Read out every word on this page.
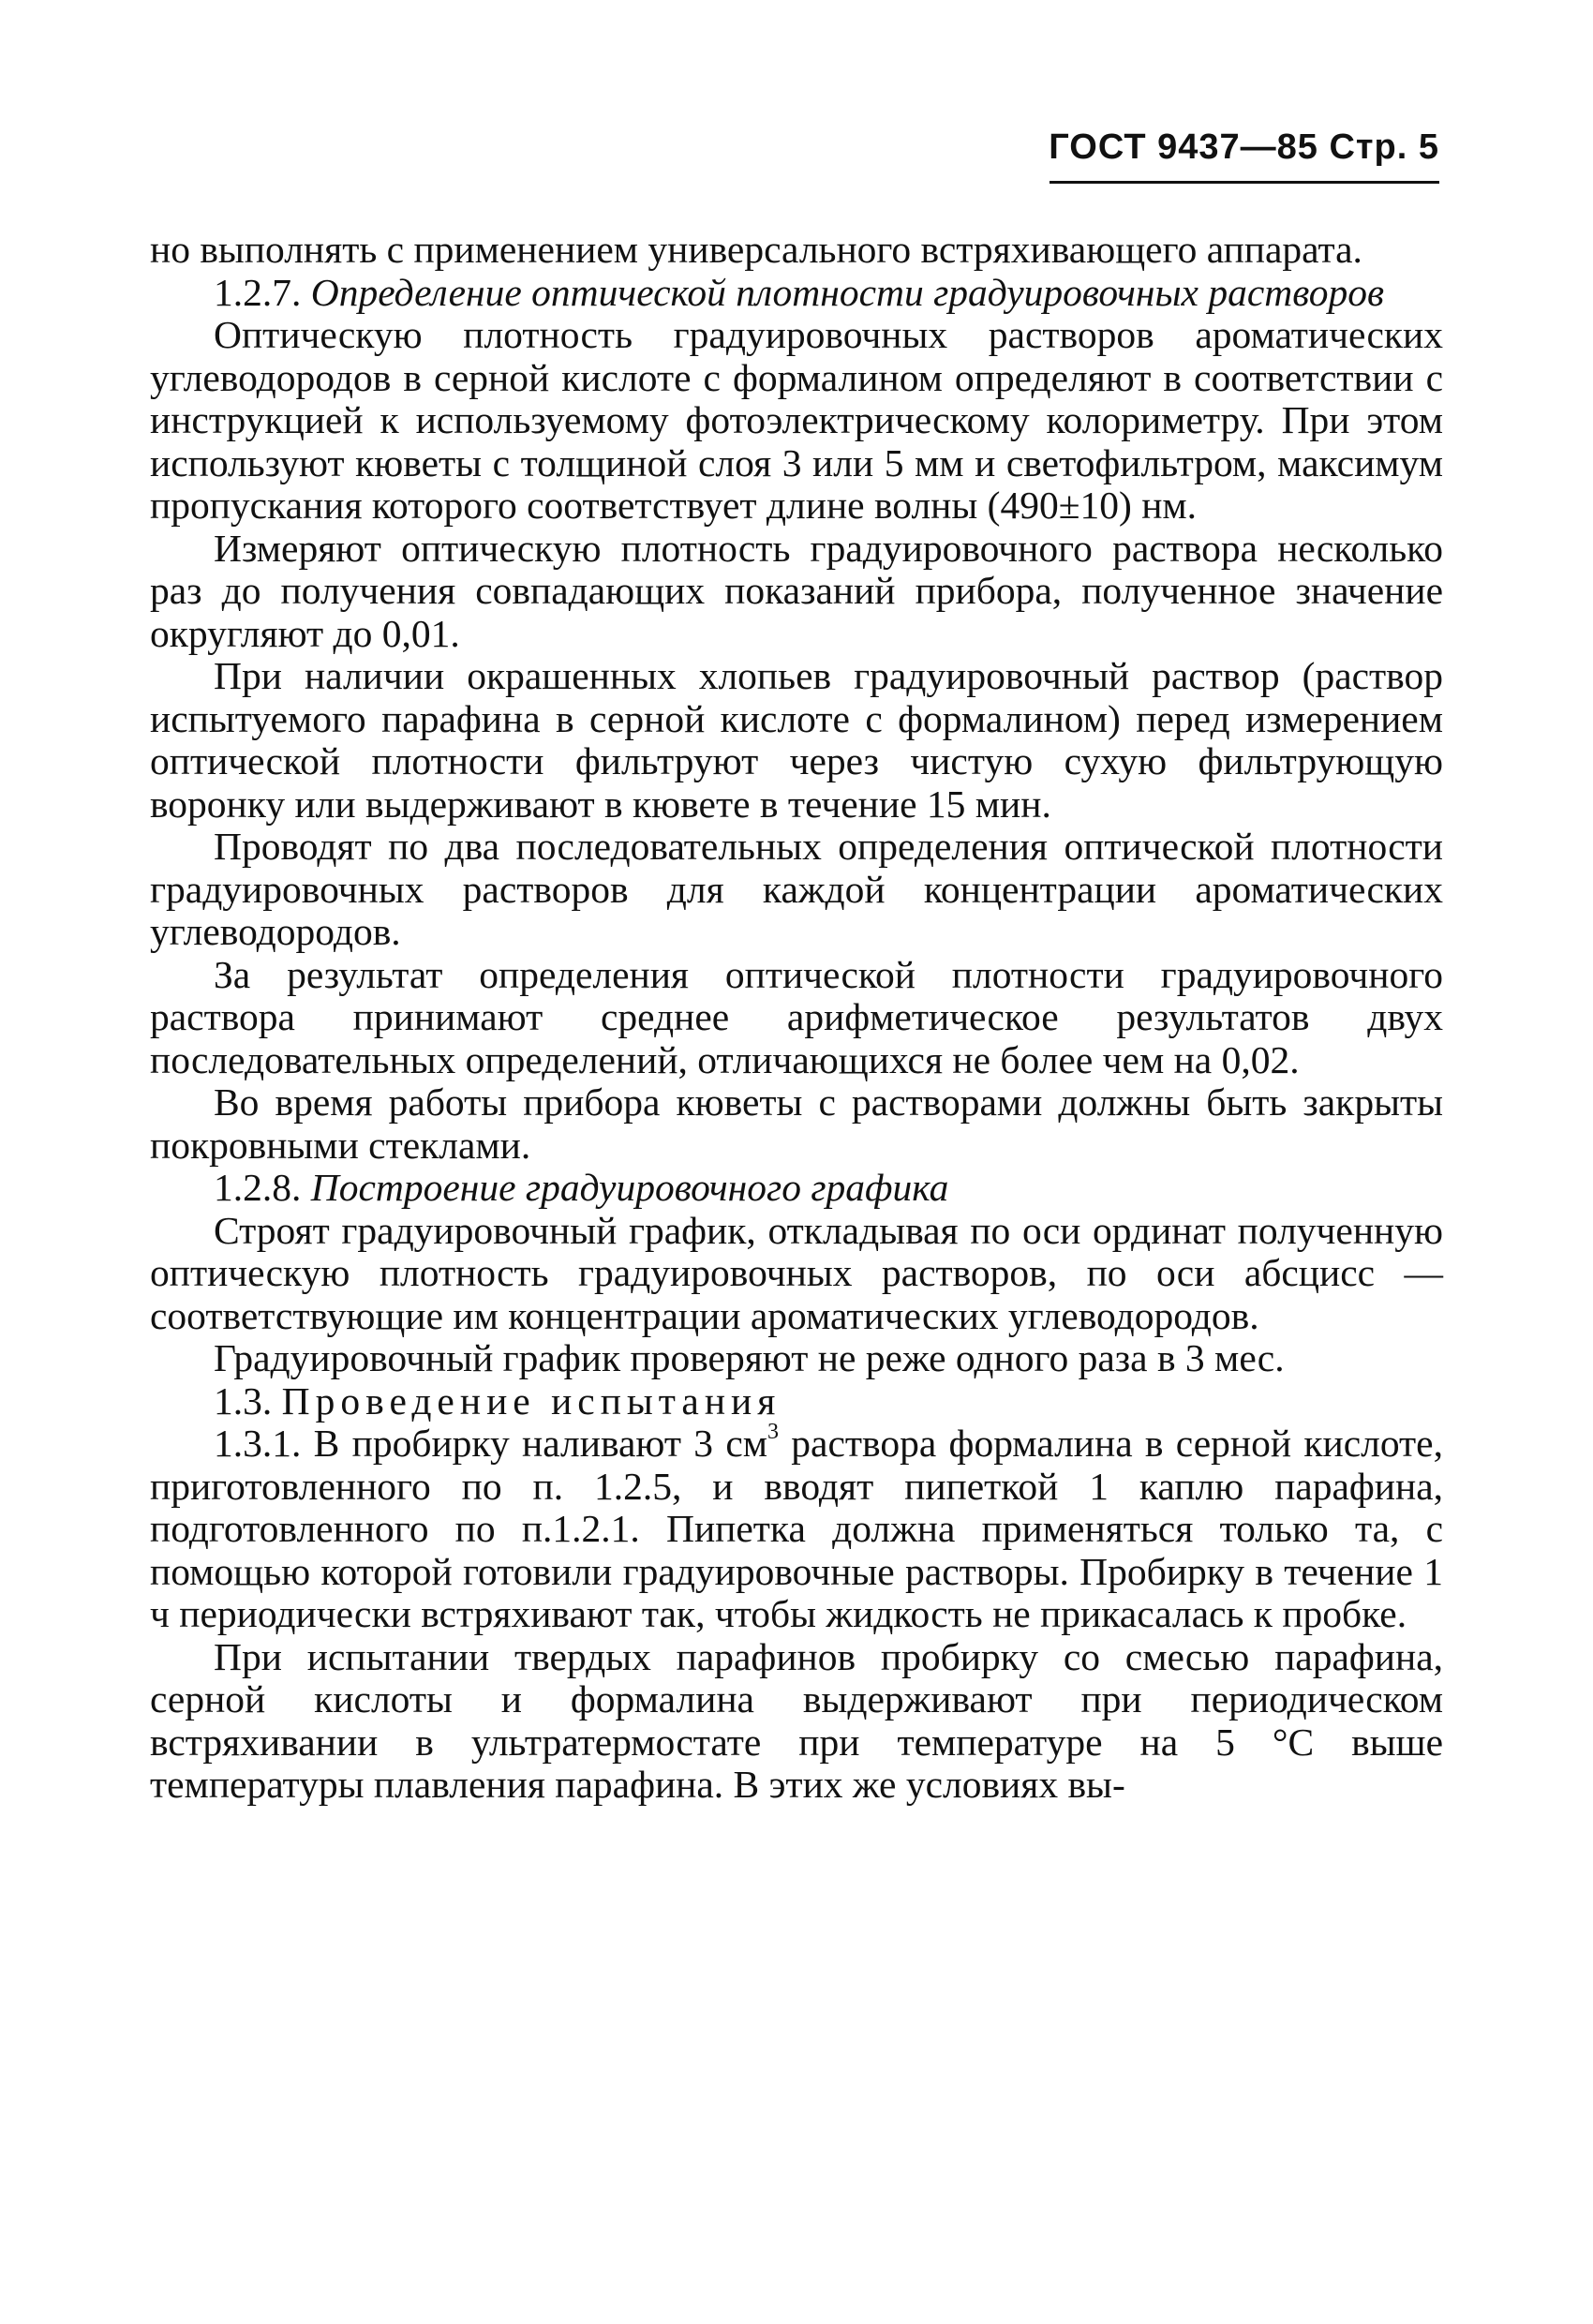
ГОСТ 9437—85 Стр. 5

но выполнять с применением универсального встряхивающего аппарата.

1.2.7. Определение оптической плотности градуировочных растворов

Оптическую плотность градуировочных растворов ароматических углеводородов в серной кислоте с формалином определяют в соответствии с инструкцией к используемому фотоэлектрическому колориметру. При этом используют кюветы с толщиной слоя 3 или 5 мм и светофильтром, максимум пропускания которого соответствует длине волны (490±10) нм.

Измеряют оптическую плотность градуировочного раствора несколько раз до получения совпадающих показаний прибора, полученное значение округляют до 0,01.

При наличии окрашенных хлопьев градуировочный раствор (раствор испытуемого парафина в серной кислоте с формалином) перед измерением оптической плотности фильтруют через чистую сухую фильтрующую воронку или выдерживают в кювете в течение 15 мин.

Проводят по два последовательных определения оптической плотности градуировочных растворов для каждой концентрации ароматических углеводородов.

За результат определения оптической плотности градуировочного раствора принимают среднее арифметическое результатов двух последовательных определений, отличающихся не более чем на 0,02.

Во время работы прибора кюветы с растворами должны быть закрыты покровными стеклами.

1.2.8. Построение градуировочного графика

Строят градуировочный график, откладывая по оси ординат полученную оптическую плотность градуировочных растворов, по оси абсцисс — соответствующие им концентрации ароматических углеводородов.

Градуировочный график проверяют не реже одного раза в 3 мес.

1.3. Проведение испытания

1.3.1. В пробирку наливают 3 $см^3$ раствора формалина в серной кислоте, приготовленного по п. 1.2.5, и вводят пипеткой 1 каплю парафина, подготовленного по п.1.2.1. Пипетка должна применяться только та, с помощью которой готовили градуировочные растворы. Пробирку в течение 1 ч периодически встряхивают так, чтобы жидкость не прикасалась к пробке.

При испытании твердых парафинов пробирку со смесью парафина, серной кислоты и формалина выдерживают при периодическом встряхивании в ультратермостате при температуре на 5 °С выше температуры плавления парафина. В этих же условиях вы-
